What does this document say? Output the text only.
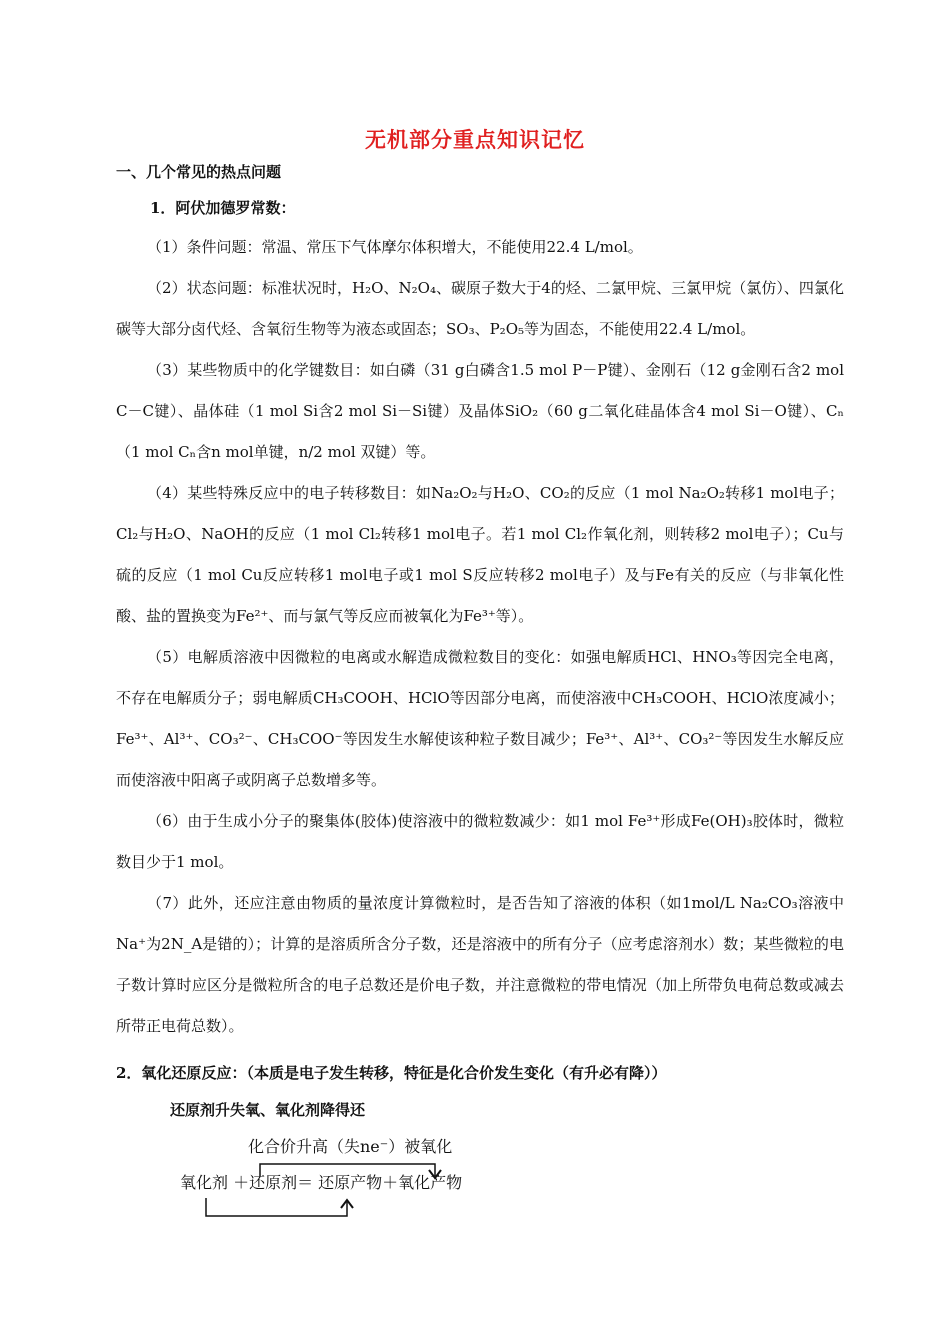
无机部分重点知识记忆
一、几个常见的热点问题
1．阿伏加德罗常数：

（1）条件问题：常温、常压下气体摩尔体积增大，不能使用22.4 L/mol。

（2）状态问题：标准状况时，H₂O、N₂O₄、碳原子数大于4的烃、二氯甲烷、三氯甲烷（氯仿）、四氯化碳等大部分卤代烃、含氧衍生物等为液态或固态；SO₃、P₂O₅等为固态，不能使用22.4 L/mol。

（3）某些物质中的化学键数目：如白磷（31 g白磷含1.5 mol P－P键）、金刚石（12 g金刚石含2 mol C－C键）、晶体硅（1 mol Si含2 mol Si－Si键）及晶体SiO₂（60 g二氧化硅晶体含4 mol Si－O键）、Cₙ（1 mol Cₙ含n mol单键，n/2 mol 双键）等。

（4）某些特殊反应中的电子转移数目：如Na₂O₂与H₂O、CO₂的反应（1 mol Na₂O₂转移1 mol电子；Cl₂与H₂O、NaOH的反应（1 mol Cl₂转移1 mol电子。若1 mol Cl₂作氧化剂，则转移2 mol电子）；Cu与硫的反应（1 mol Cu反应转移1 mol电子或1 mol S反应转移2 mol电子）及与Fe有关的反应（与非氧化性酸、盐的置换变为Fe²⁺、而与氯气等反应而被氧化为Fe³⁺等）。

（5）电解质溶液中因微粒的电离或水解造成微粒数目的变化：如强电解质HCl、HNO₃等因完全电离，不存在电解质分子；弱电解质CH₃COOH、HClO等因部分电离，而使溶液中CH₃COOH、HClO浓度减小；Fe³⁺、Al³⁺、CO₃²⁻、CH₃COO⁻等因发生水解使该种粒子数目减少；Fe³⁺、Al³⁺、CO₃²⁻等因发生水解反应而使溶液中阳离子或阴离子总数增多等。

（6）由于生成小分子的聚集体(胶体)使溶液中的微粒数减少：如1 mol Fe³⁺形成Fe(OH)₃胶体时，微粒数目少于1 mol。

（7）此外，还应注意由物质的量浓度计算微粒时，是否告知了溶液的体积（如1mol/L Na₂CO₃溶液中Na⁺为2N_A是错的）；计算的是溶质所含分子数，还是溶液中的所有分子（应考虑溶剂水）数；某些微粒的电子数计算时应区分是微粒所含的电子总数还是价电子数，并注意微粒的带电情况（加上所带负电荷总数或减去所带正电荷总数）。

2．氧化还原反应：（本质是电子发生转移，特征是化合价发生变化（有升必有降））
还原剂升失氧、氧化剂降得还
化合价升高（失ne⁻）被氧化
氧化剂 ＋还原剂＝ 还原产物＋氧化产物
